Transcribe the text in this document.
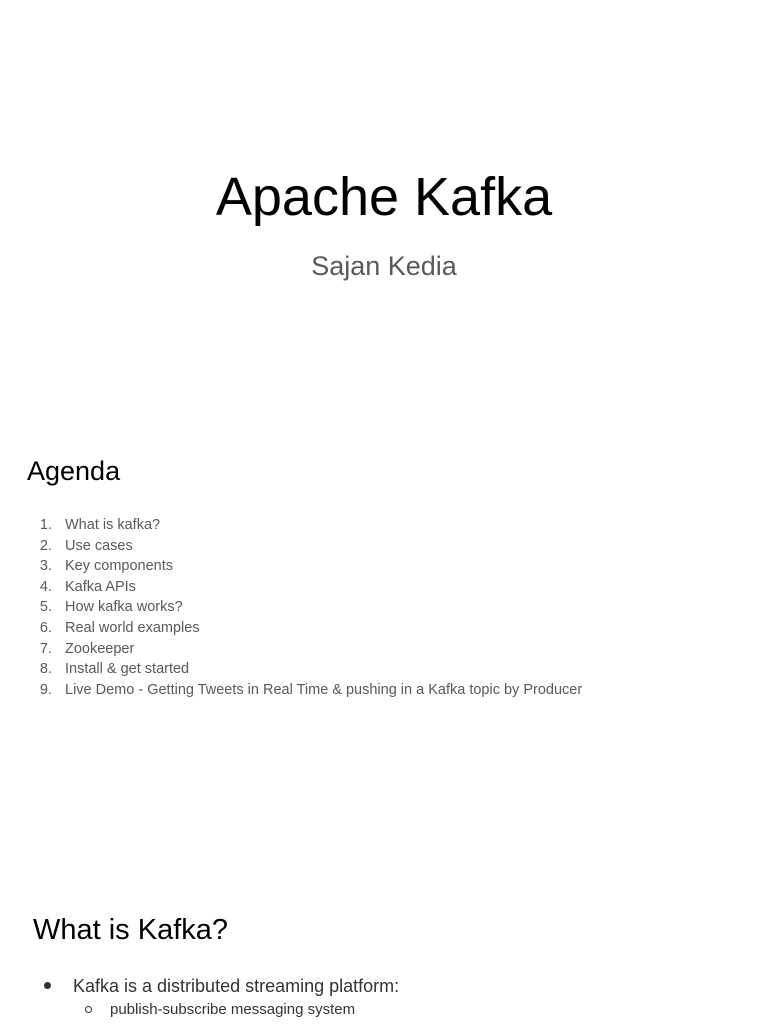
Apache Kafka
Sajan Kedia
Agenda
1. What is kafka?
2. Use cases
3. Key components
4. Kafka APIs
5. How kafka works?
6. Real world examples
7. Zookeeper
8. Install & get started
9. Live Demo - Getting Tweets in Real Time & pushing in a Kafka topic by Producer
What is Kafka?
Kafka is a distributed streaming platform:
publish-subscribe messaging system
